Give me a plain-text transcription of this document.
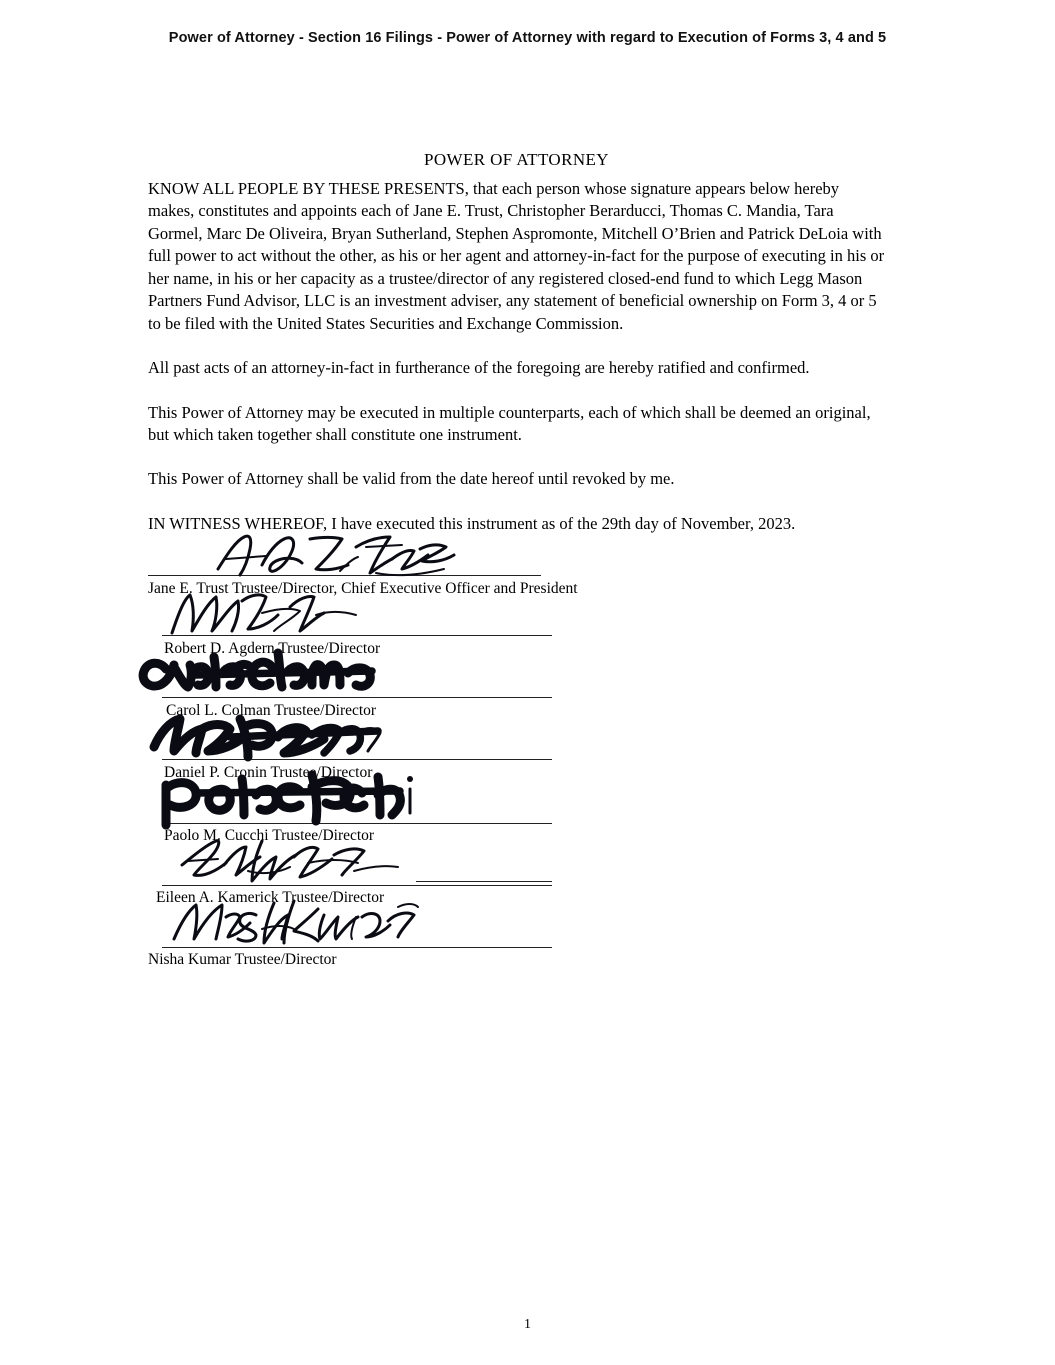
Power of Attorney - Section 16 Filings - Power of Attorney with regard to Execution of Forms 3, 4 and 5
POWER OF ATTORNEY

KNOW ALL PEOPLE BY THESE PRESENTS, that each person whose signature appears below hereby makes, constitutes and appoints each of Jane E. Trust, Christopher Berarducci, Thomas C. Mandia, Tara Gormel, Marc De Oliveira, Bryan Sutherland, Stephen Aspromonte, Mitchell O’Brien and Patrick DeLoia with full power to act without the other, as his or her agent and attorney-in-fact for the purpose of executing in his or her name, in his or her capacity as a trustee/director of any registered closed-end fund to which Legg Mason Partners Fund Advisor, LLC is an investment adviser, any statement of beneficial ownership on Form 3, 4 or 5 to be filed with the United States Securities and Exchange Commission.

All past acts of an attorney-in-fact in furtherance of the foregoing are hereby ratified and confirmed.

This Power of Attorney may be executed in multiple counterparts, each of which shall be deemed an original, but which taken together shall constitute one instrument.

This Power of Attorney shall be valid from the date hereof until revoked by me.

IN WITNESS WHEREOF, I have executed this instrument as of the 29th day of November, 2023.
Jane E. Trust Trustee/Director, Chief Executive Officer and President
Robert D. Agdern Trustee/Director
Carol L. Colman Trustee/Director
Daniel P. Cronin Trustee/Director
Paolo M. Cucchi Trustee/Director
Eileen A. Kamerick Trustee/Director
Nisha Kumar Trustee/Director
1
